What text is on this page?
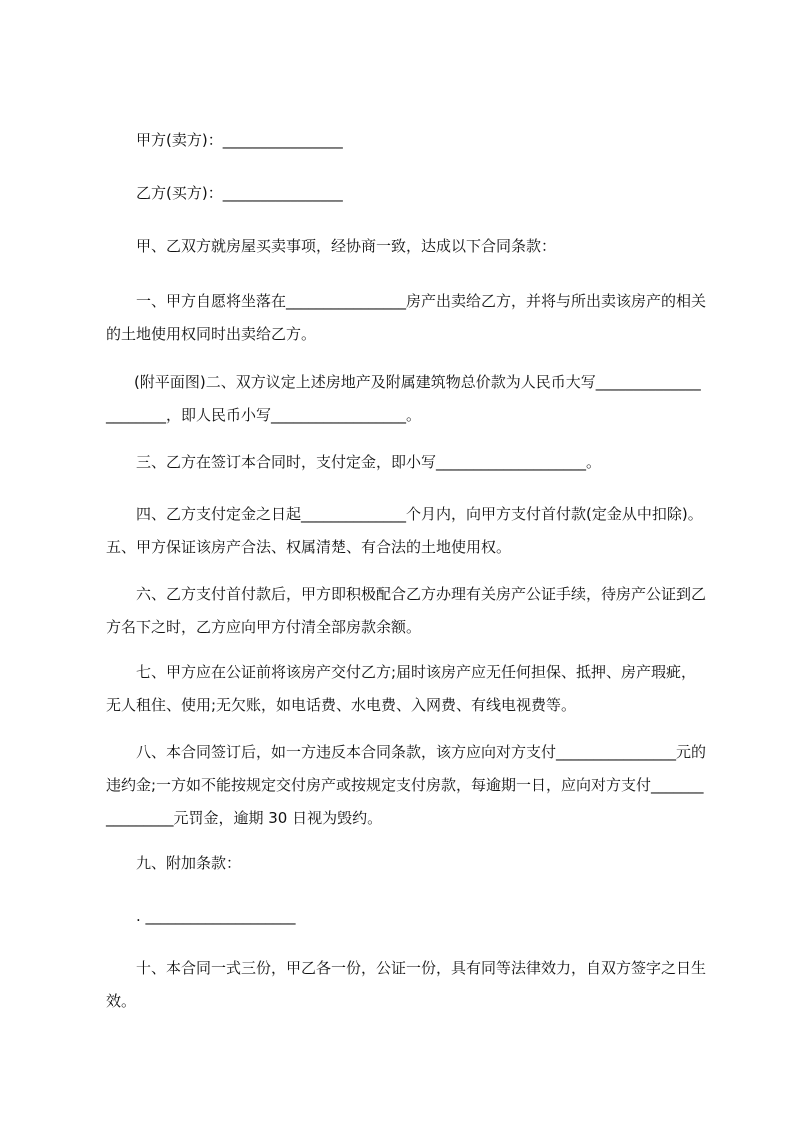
甲方(卖方)：________________

乙方(买方)：________________

甲、乙双方就房屋买卖事项，经协商一致，达成以下合同条款：

一、甲方自愿将坐落在________________房产出卖给乙方，并将与所出卖该房产的相关的土地使用权同时出卖给乙方。

(附平面图)二、双方议定上述房地产及附属建筑物总价款为人民币大写______________________，即人民币小写__________________。

三、乙方在签订本合同时，支付定金，即小写____________________。

四、乙方支付定金之日起______________个月内，向甲方支付首付款(定金从中扣除)。五、甲方保证该房产合法、权属清楚、有合法的土地使用权。

六、乙方支付首付款后，甲方即积极配合乙方办理有关房产公证手续，待房产公证到乙方名下之时，乙方应向甲方付清全部房款余额。

七、甲方应在公证前将该房产交付乙方;届时该房产应无任何担保、抵押、房产瑕疵，无人租住、使用;无欠账，如电话费、水电费、入网费、有线电视费等。

八、本合同签订后，如一方违反本合同条款，该方应向对方支付________________元的违约金;一方如不能按规定交付房产或按规定支付房款，每逾期一日，应向对方支付________________元罚金，逾期 30 日视为毁约。

九、附加条款：

. ____________________

十、本合同一式三份，甲乙各一份，公证一份，具有同等法律效力，自双方签字之日生效。
